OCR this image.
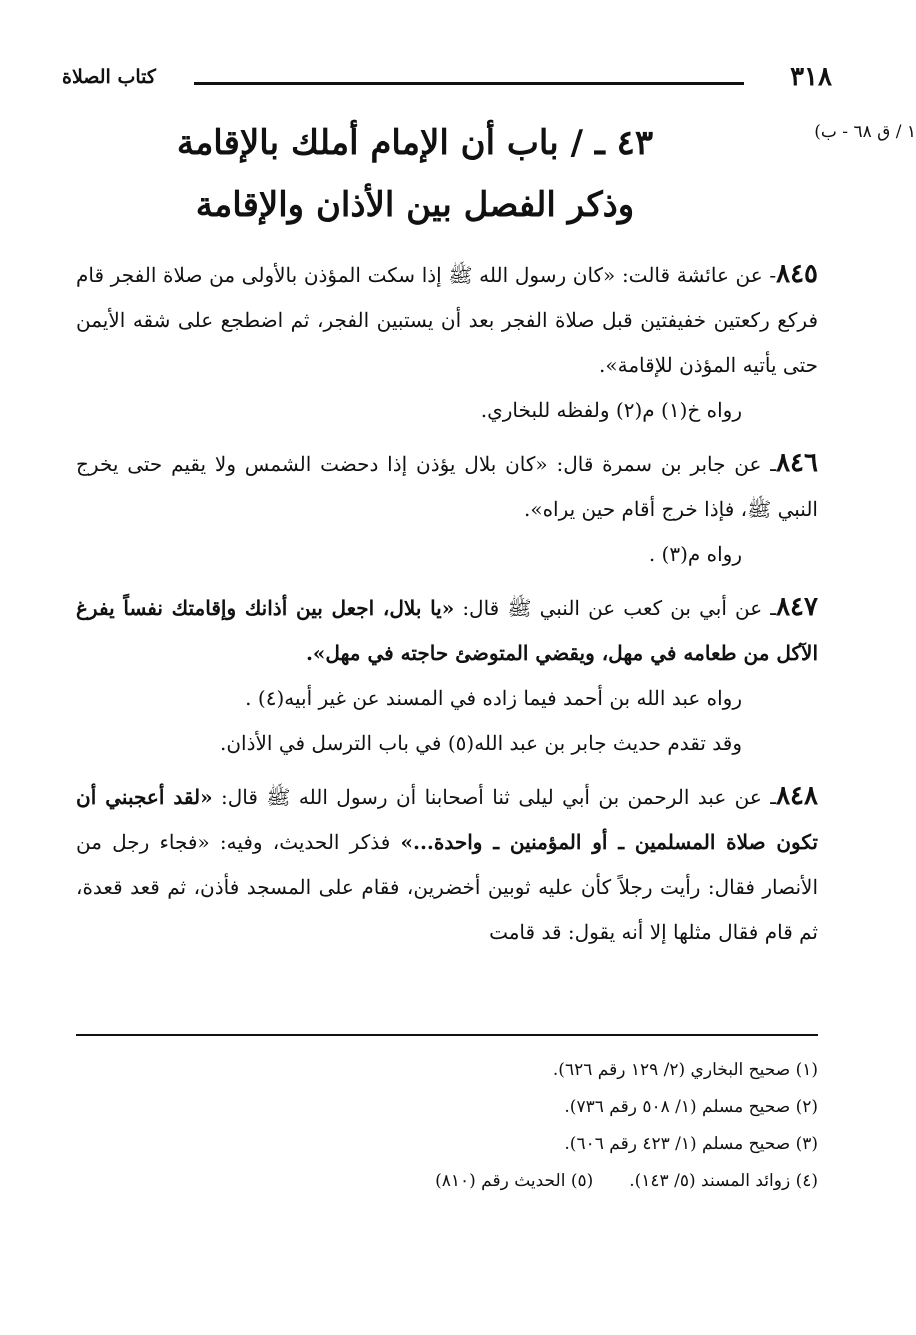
٣١٨
كتاب الصلاة
١ / ق ٦٨ - ب)
٤٣ ـ / باب أن الإمام أملك بالإقامة
وذكر الفصل بين الأذان والإقامة

٨٤٥- عن عائشة قالت: «كان رسول الله ﷺ إذا سكت المؤذن بالأولى من صلاة الفجر قام فركع ركعتين خفيفتين قبل صلاة الفجر بعد أن يستبين الفجر، ثم اضطجع على شقه الأيمن حتى يأتيه المؤذن للإقامة».

رواه خ(١) م(٢) ولفظه للبخاري.

٨٤٦ـ عن جابر بن سمرة قال: «كان بلال يؤذن إذا دحضت الشمس ولا يقيم حتى يخرج النبي ﷺ، فإذا خرج أقام حين يراه».

رواه م(٣) .

٨٤٧ـ عن أبي بن كعب عن النبي ﷺ قال: «يا بلال، اجعل بين أذانك وإقامتك نفساً يفرغ الآكل من طعامه في مهل، ويقضي المتوضئ حاجته في مهل».

رواه عبد الله بن أحمد فيما زاده في المسند عن غير أبيه(٤) .

وقد تقدم حديث جابر بن عبد الله(٥) في باب الترسل في الأذان.

٨٤٨ـ عن عبد الرحمن بن أبي ليلى ثنا أصحابنا أن رسول الله ﷺ قال: «لقد أعجبني أن تكون صلاة المسلمين ـ أو المؤمنين ـ واحدة...» فذكر الحديث، وفيه: «فجاء رجل من الأنصار فقال: رأيت رجلاً كأن عليه ثوبين أخضرين، فقام على المسجد فأذن، ثم قعد قعدة، ثم قام فقال مثلها إلا أنه يقول: قد قامت

(١) صحيح البخاري (٢/ ١٢٩ رقم ٦٢٦).
(٢) صحيح مسلم (١/ ٥٠٨ رقم ٧٣٦).
(٣) صحيح مسلم (١/ ٤٢٣ رقم ٦٠٦).
(٤) زوائد المسند (٥/ ١٤٣).
(٥) الحديث رقم (٨١٠)
